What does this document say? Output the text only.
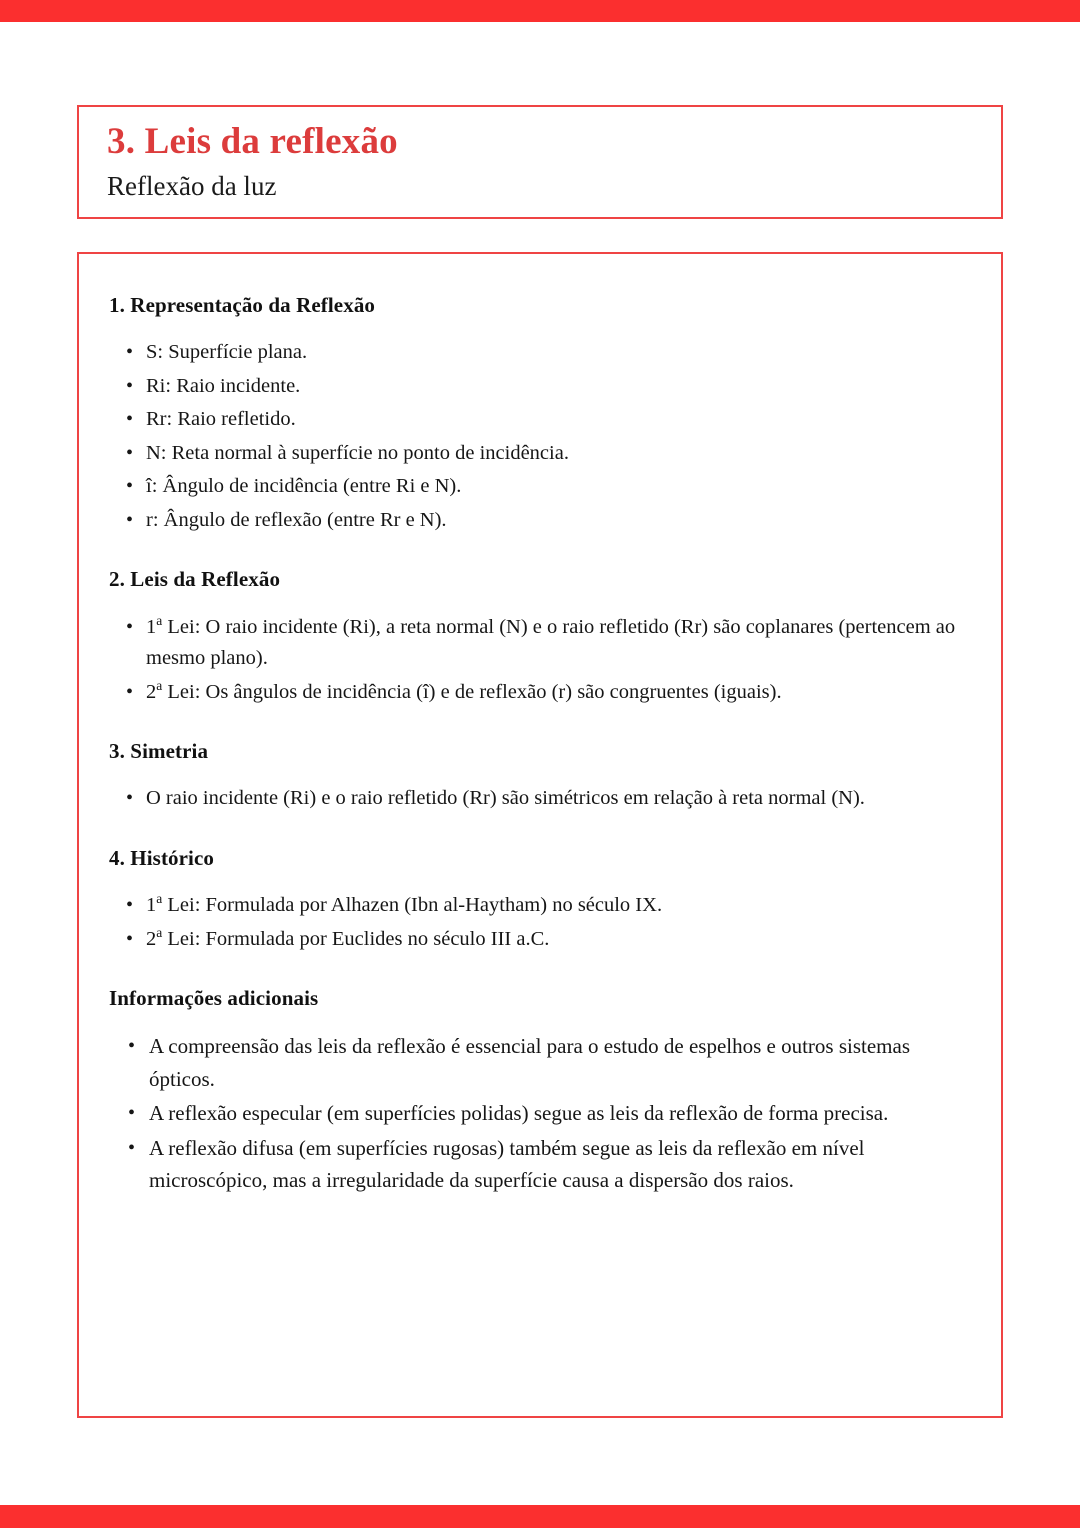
3. Leis da reflexão
Reflexão da luz
1. Representação da Reflexão
• S: Superfície plana.
• Ri: Raio incidente.
• Rr: Raio refletido.
• N: Reta normal à superfície no ponto de incidência.
• î: Ângulo de incidência (entre Ri e N).
• r: Ângulo de reflexão (entre Rr e N).
2. Leis da Reflexão
• 1$^a$ Lei: O raio incidente (Ri), a reta normal (N) e o raio refletido (Rr) são coplanares (pertencem ao mesmo plano).
• 2$^a$ Lei: Os ângulos de incidência (î) e de reflexão (r) são congruentes (iguais).
3. Simetria
• O raio incidente (Ri) e o raio refletido (Rr) são simétricos em relação à reta normal (N).
4. Histórico
• 1$^a$ Lei: Formulada por Alhazen (Ibn al-Haytham) no século IX.
• 2$^a$ Lei: Formulada por Euclides no século III a.C.
Informações adicionais
• A compreensão das leis da reflexão é essencial para o estudo de espelhos e outros sistemas ópticos.
• A reflexão especular (em superfícies polidas) segue as leis da reflexão de forma precisa.
• A reflexão difusa (em superfícies rugosas) também segue as leis da reflexão em nível microscópico, mas a irregularidade da superfície causa a dispersão dos raios.
